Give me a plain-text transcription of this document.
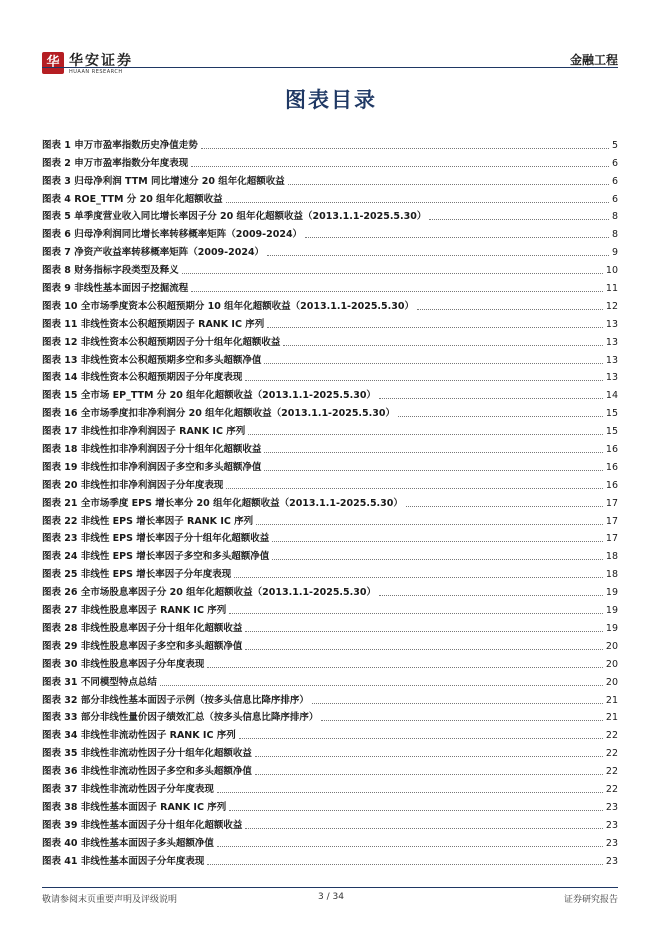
华 华安证券
HUAAN RESEARCH
金融工程
图表目录
图表 1 申万市盈率指数历史净值走势	5
图表 2 申万市盈率指数分年度表现	6
图表 3 归母净利润 TTM 同比增速分 20 组年化超额收益	6
图表 4 ROE_TTM 分 20 组年化超额收益	6
图表 5 单季度营业收入同比增长率因子分 20 组年化超额收益（2013.1.1-2025.5.30）	8
图表 6 归母净利润同比增长率转移概率矩阵（2009-2024）	8
图表 7 净资产收益率转移概率矩阵（2009-2024）	9
图表 8 财务指标字段类型及释义	10
图表 9 非线性基本面因子挖掘流程	11
图表 10 全市场季度资本公积超预期分 10 组年化超额收益（2013.1.1-2025.5.30）	12
图表 11 非线性资本公积超预期因子 RANK IC 序列	13
图表 12 非线性资本公积超预期因子分十组年化超额收益	13
图表 13 非线性资本公积超预期多空和多头超额净值	13
图表 14 非线性资本公积超预期因子分年度表现	13
图表 15 全市场 EP_TTM 分 20 组年化超额收益（2013.1.1-2025.5.30）	14
图表 16 全市场季度扣非净利润分 20 组年化超额收益（2013.1.1-2025.5.30）	15
图表 17 非线性扣非净利润因子 RANK IC 序列	15
图表 18 非线性扣非净利润因子分十组年化超额收益	16
图表 19 非线性扣非净利润因子多空和多头超额净值	16
图表 20 非线性扣非净利润因子分年度表现	16
图表 21 全市场季度 EPS 增长率分 20 组年化超额收益（2013.1.1-2025.5.30）	17
图表 22 非线性 EPS 增长率因子 RANK IC 序列	17
图表 23 非线性 EPS 增长率因子分十组年化超额收益	17
图表 24 非线性 EPS 增长率因子多空和多头超额净值	18
图表 25 非线性 EPS 增长率因子分年度表现	18
图表 26 全市场股息率因子分 20 组年化超额收益（2013.1.1-2025.5.30）	19
图表 27 非线性股息率因子 RANK IC 序列	19
图表 28 非线性股息率因子分十组年化超额收益	19
图表 29 非线性股息率因子多空和多头超额净值	20
图表 30 非线性股息率因子分年度表现	20
图表 31 不同模型特点总结	20
图表 32 部分非线性基本面因子示例（按多头信息比降序排序）	21
图表 33 部分非线性量价因子绩效汇总（按多头信息比降序排序）	21
图表 34 非线性非流动性因子 RANK IC 序列	22
图表 35 非线性非流动性因子分十组年化超额收益	22
图表 36 非线性非流动性因子多空和多头超额净值	22
图表 37 非线性非流动性因子分年度表现	22
图表 38 非线性基本面因子 RANK IC 序列	23
图表 39 非线性基本面因子分十组年化超额收益	23
图表 40 非线性基本面因子多头超额净值	23
图表 41 非线性基本面因子分年度表现	23
敬请参阅末页重要声明及评级说明	3 / 34	证券研究报告
